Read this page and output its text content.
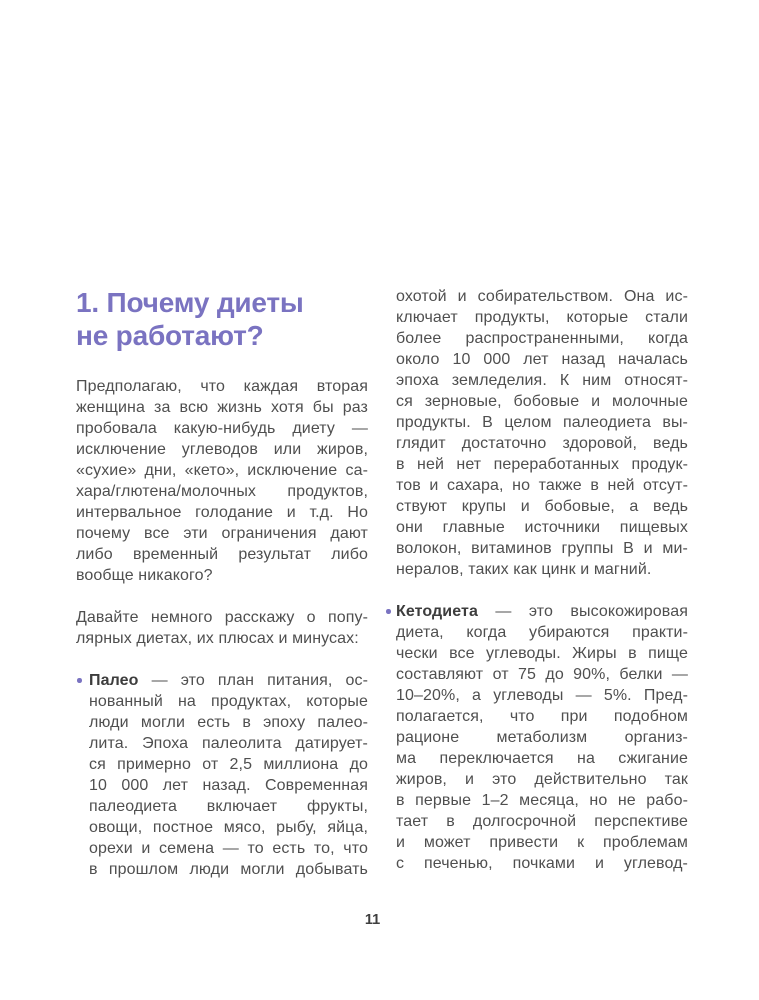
1. Почему диеты
не работают?
Предполагаю, что каждая вторая
женщина за всю жизнь хотя бы раз
пробовала какую-нибудь диету —
исключение углеводов или жиров,
«сухие» дни, «кето», исключение са-
хара/глютена/молочных продуктов,
интервальное голодание и т.д. Но
почему все эти ограничения дают
либо временный результат либо
вообще никакого?
Давайте немного расскажу о попу-
лярных диетах, их плюсах и минусах:
Палео — это план питания, ос-
нованный на продуктах, которые
люди могли есть в эпоху палео-
лита. Эпоха палеолита датирует-
ся примерно от 2,5 миллиона до
10 000 лет назад. Современная
палеодиета включает фрукты,
овощи, постное мясо, рыбу, яйца,
орехи и семена — то есть то, что
в прошлом люди могли добывать
охотой и собирательством. Она ис-
ключает продукты, которые стали
более распространенными, когда
около 10 000 лет назад началась
эпоха земледелия. К ним относят-
ся зерновые, бобовые и молочные
продукты. В целом палеодиета вы-
глядит достаточно здоровой, ведь
в ней нет переработанных продук-
тов и сахара, но также в ней отсут-
ствуют крупы и бобовые, а ведь
они главные источники пищевых
волокон, витаминов группы В и ми-
нералов, таких как цинк и магний.
Кетодиета — это высокожировая
диета, когда убираются практи-
чески все углеводы. Жиры в пище
составляют от 75 до 90%, белки —
10–20%, а углеводы — 5%. Пред-
полагается, что при подобном
рационе метаболизм организ-
ма переключается на сжигание
жиров, и это действительно так
в первые 1–2 месяца, но не рабо-
тает в долгосрочной перспективе
и может привести к проблемам
с печенью, почками и углевод-
11
